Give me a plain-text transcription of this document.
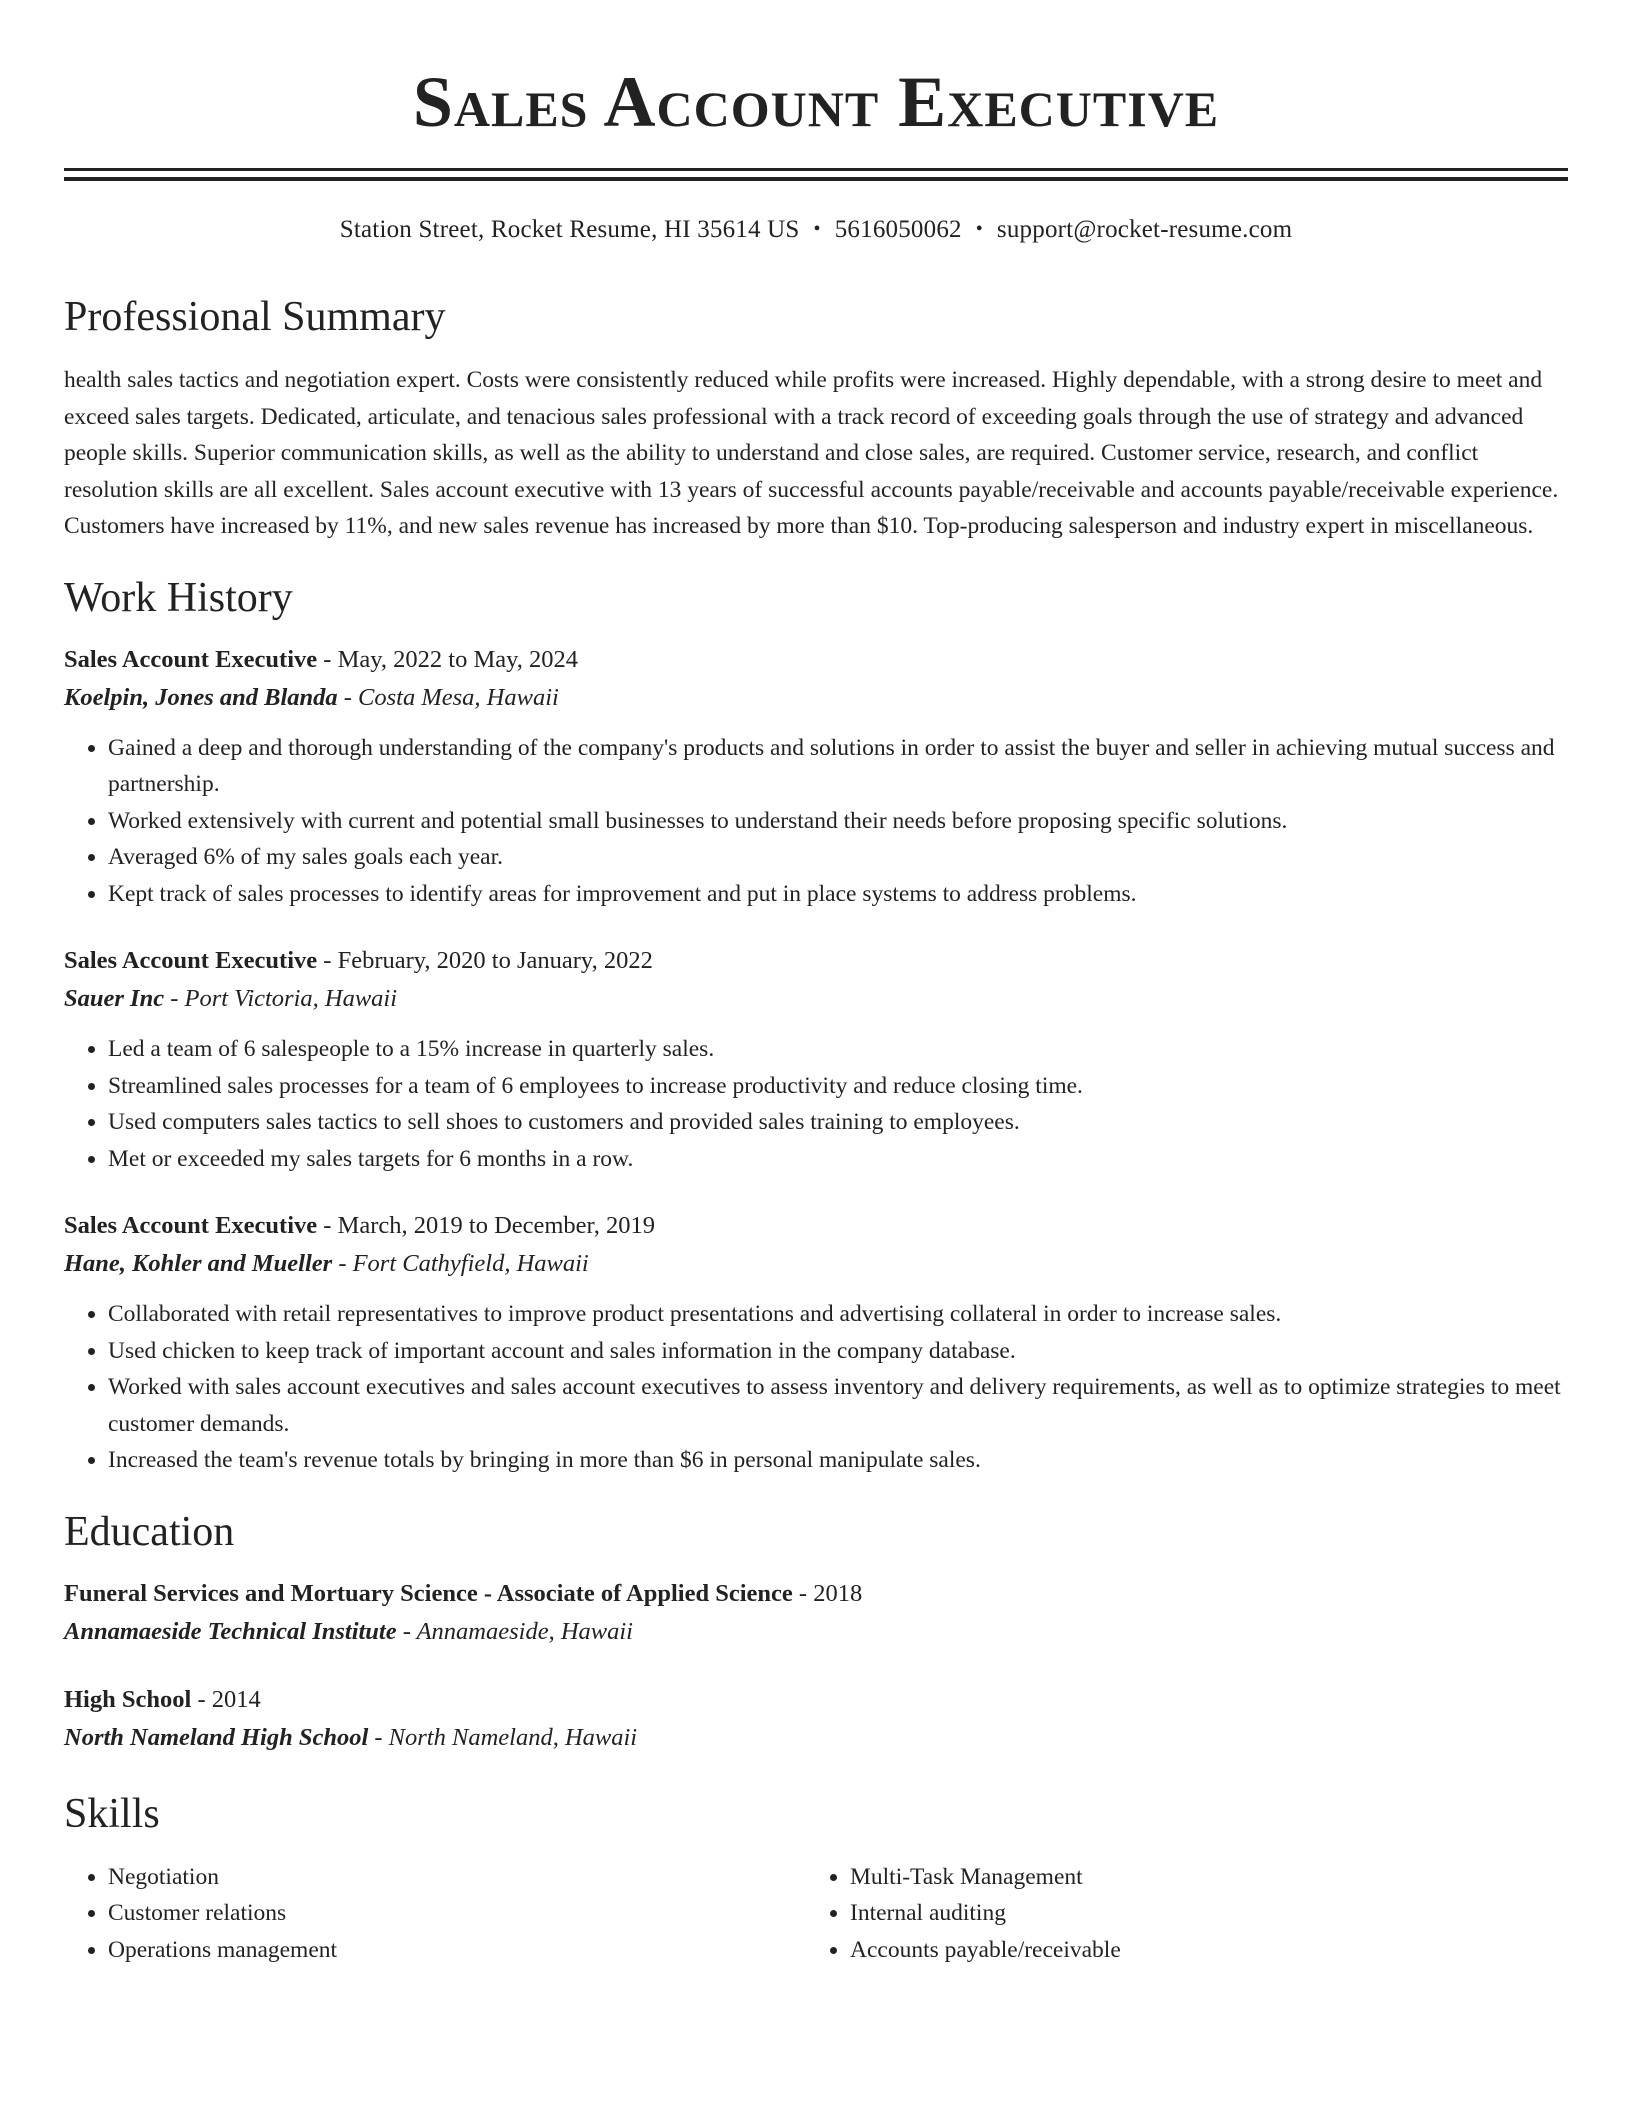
Sales Account Executive
Station Street, Rocket Resume, HI 35614 US • 5616050062 • support@rocket-resume.com
Professional Summary

health sales tactics and negotiation expert. Costs were consistently reduced while profits were increased. Highly dependable, with a strong desire to meet and exceed sales targets. Dedicated, articulate, and tenacious sales professional with a track record of exceeding goals through the use of strategy and advanced people skills. Superior communication skills, as well as the ability to understand and close sales, are required. Customer service, research, and conflict resolution skills are all excellent. Sales account executive with 13 years of successful accounts payable/receivable and accounts payable/receivable experience. Customers have increased by 11%, and new sales revenue has increased by more than $10. Top-producing salesperson and industry expert in miscellaneous.

Work History
Sales Account Executive - May, 2022 to May, 2024
Koelpin, Jones and Blanda - Costa Mesa, Hawaii
• Gained a deep and thorough understanding of the company's products and solutions in order to assist the buyer and seller in achieving mutual success and partnership.
• Worked extensively with current and potential small businesses to understand their needs before proposing specific solutions.
• Averaged 6% of my sales goals each year.
• Kept track of sales processes to identify areas for improvement and put in place systems to address problems.
Sales Account Executive - February, 2020 to January, 2022
Sauer Inc - Port Victoria, Hawaii
• Led a team of 6 salespeople to a 15% increase in quarterly sales.
• Streamlined sales processes for a team of 6 employees to increase productivity and reduce closing time.
• Used computers sales tactics to sell shoes to customers and provided sales training to employees.
• Met or exceeded my sales targets for 6 months in a row.
Sales Account Executive - March, 2019 to December, 2019
Hane, Kohler and Mueller - Fort Cathyfield, Hawaii
• Collaborated with retail representatives to improve product presentations and advertising collateral in order to increase sales.
• Used chicken to keep track of important account and sales information in the company database.
• Worked with sales account executives and sales account executives to assess inventory and delivery requirements, as well as to optimize strategies to meet customer demands.
• Increased the team's revenue totals by bringing in more than $6 in personal manipulate sales.
Education
Funeral Services and Mortuary Science - Associate of Applied Science - 2018
Annamaeside Technical Institute - Annamaeside, Hawaii
High School - 2014
North Nameland High School - North Nameland, Hawaii
Skills
• Negotiation
• Customer relations
• Operations management
• Multi-Task Management
• Internal auditing
• Accounts payable/receivable
